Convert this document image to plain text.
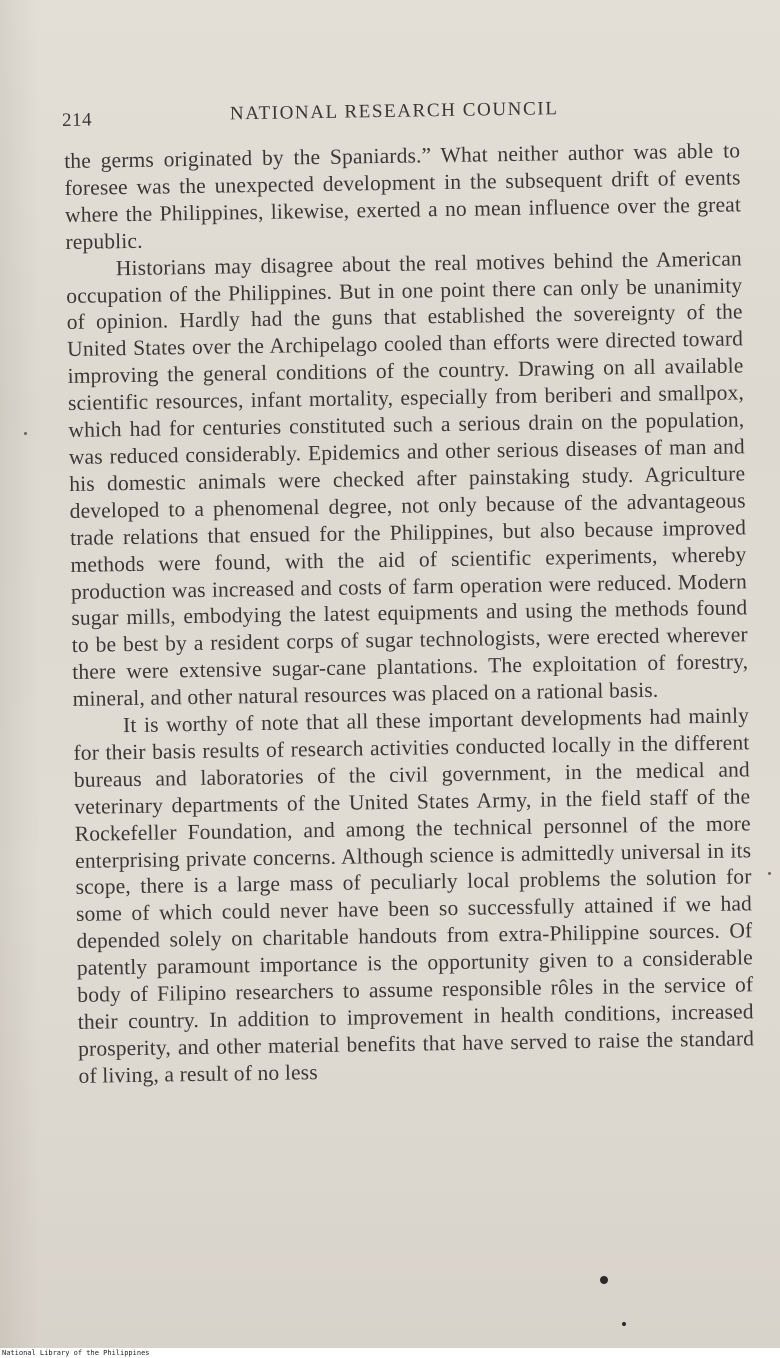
214	NATIONAL RESEARCH COUNCIL

the germs originated by the Spaniards.” What neither author was able to foresee was the unexpected development in the subsequent drift of events where the Philippines, likewise, exerted a no mean influence over the great republic.

Historians may disagree about the real motives behind the American occupation of the Philippines. But in one point there can only be unanimity of opinion. Hardly had the guns that established the sovereignty of the United States over the Archipelago cooled than efforts were directed toward improving the general conditions of the country. Drawing on all available scientific resources, infant mortality, especially from beriberi and smallpox, which had for centuries constituted such a serious drain on the population, was reduced considerably. Epidemics and other serious diseases of man and his domestic animals were checked after painstaking study. Agriculture developed to a phenomenal degree, not only because of the advantageous trade relations that ensued for the Philippines, but also because improved methods were found, with the aid of scientific experiments, whereby production was increased and costs of farm operation were reduced. Modern sugar mills, embodying the latest equipments and using the methods found to be best by a resident corps of sugar technologists, were erected wherever there were extensive sugar-cane plantations. The exploitation of forestry, mineral, and other natural resources was placed on a rational basis.

It is worthy of note that all these important developments had mainly for their basis results of research activities conducted locally in the different bureaus and laboratories of the civil government, in the medical and veterinary departments of the United States Army, in the field staff of the Rockefeller Foundation, and among the technical personnel of the more enterprising private concerns. Although science is admittedly universal in its scope, there is a large mass of peculiarly local problems the solution for some of which could never have been so successfully attained if we had depended solely on charitable handouts from extra-Philippine sources. Of patently paramount importance is the opportunity given to a considerable body of Filipino researchers to assume responsible rôles in the service of their country. In addition to improvement in health conditions, increased prosperity, and other material benefits that have served to raise the standard of living, a result of no less

National Library of the Philippines
